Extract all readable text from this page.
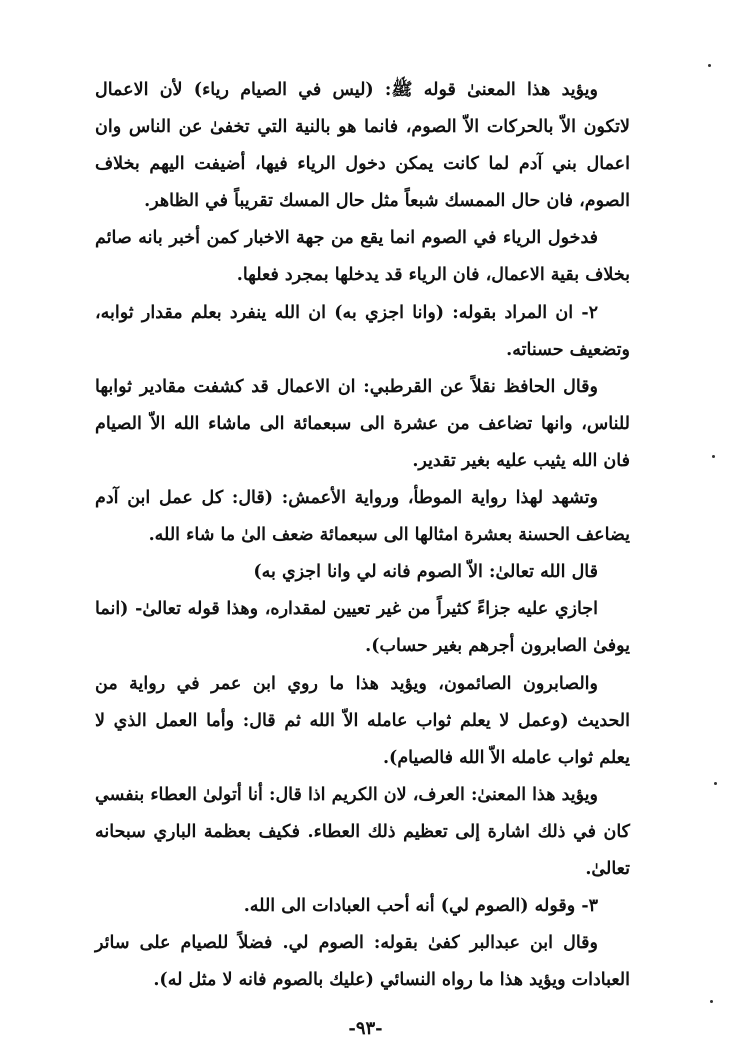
ويؤيد هذا المعنىٰ قوله ﷺ: (ليس في الصيام رياء) لأن الاعمال لاتكون الاّ بالحركات الاّ الصوم، فانما هو بالنية التي تخفىٰ عن الناس وان اعمال بني آدم لما كانت يمكن دخول الرياء فيها، أضيفت اليهم بخلاف الصوم، فان حال الممسك شبعاً مثل حال المسك تقريباً في الظاهر.

فدخول الرياء في الصوم انما يقع من جهة الاخبار كمن أخبر بانه صائم بخلاف بقية الاعمال، فان الرياء قد يدخلها بمجرد فعلها.

٢- ان المراد بقوله: (وانا اجزي به) ان الله ينفرد بعلم مقدار ثوابه، وتضعيف حسناته.

وقال الحافظ نقلاً عن القرطبي: ان الاعمال قد كشفت مقادير ثوابها للناس، وانها تضاعف من عشرة الى سبعمائة الى ماشاء الله الاّ الصيام فان الله يثيب عليه بغير تقدير.

وتشهد لهذا رواية الموطأ، ورواية الأعمش: (قال: كل عمل ابن آدم يضاعف الحسنة بعشرة امثالها الى سبعمائة ضعف الىٰ ما شاء الله.

قال الله تعالىٰ: الاّ الصوم فانه لي وانا اجزي به)

اجازي عليه جزاءً كثيراً من غير تعيين لمقداره، وهذا قوله تعالىٰ- (انما يوفىٰ الصابرون أجرهم بغير حساب).

والصابرون الصائمون، ويؤيد هذا ما روي ابن عمر في رواية من الحديث (وعمل لا يعلم ثواب عامله الاّ الله ثم قال: وأما العمل الذي لا يعلم ثواب عامله الاّ الله فالصيام).

ويؤيد هذا المعنىٰ: العرف، لان الكريم اذا قال: أنا أتولىٰ العطاء بنفسي كان في ذلك اشارة إلى تعظيم ذلك العطاء. فكيف بعظمة الباري سبحانه تعالىٰ.

٣- وقوله (الصوم لي) أنه أحب العبادات الى الله.

وقال ابن عبدالبر كفىٰ بقوله: الصوم لي. فضلاً للصيام على سائر العبادات ويؤيد هذا ما رواه النسائي (عليك بالصوم فانه لا مثل له).

-٩٣-
